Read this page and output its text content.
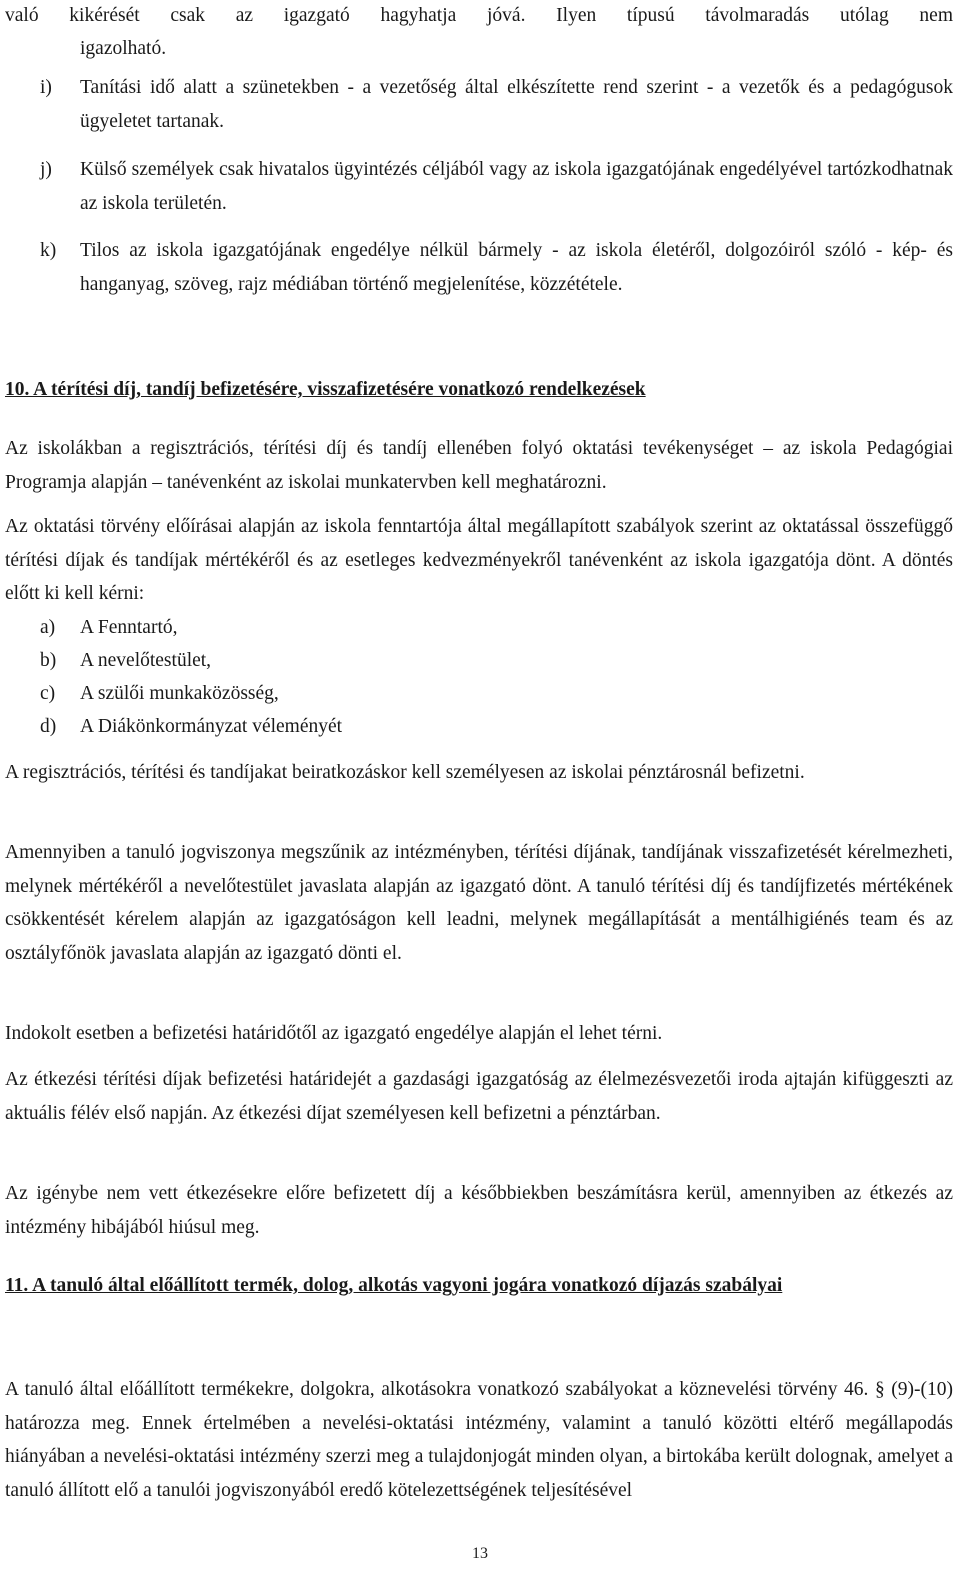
való kikérését csak az igazgató hagyhatja jóvá. Ilyen típusú távolmaradás utólag nem

igazolható.

i) Tanítási idő alatt a szünetekben - a vezetőség által elkészítette rend szerint - a vezetők és a pedagógusok ügyeletet tartanak.
j) Külső személyek csak hivatalos ügyintézés céljából vagy az iskola igazgatójának engedélyével tartózkodhatnak az iskola területén.
k) Tilos az iskola igazgatójának engedélye nélkül bármely - az iskola életéről, dolgozóiról szóló - kép- és hanganyag, szöveg, rajz médiában történő megjelenítése, közzététele.
10. A térítési díj, tandíj befizetésére, visszafizetésére vonatkozó rendelkezések

Az iskolákban a regisztrációs, térítési díj és tandíj ellenében folyó oktatási tevékenységet – az iskola Pedagógiai Programja alapján – tanévenként az iskolai munkatervben kell meghatározni.

Az oktatási törvény előírásai alapján az iskola fenntartója által megállapított szabályok szerint az oktatással összefüggő térítési díjak és tandíjak mértékéről és az esetleges kedvezményekről tanévenként az iskola igazgatója dönt. A döntés előtt ki kell kérni:

a) A Fenntartó,
b) A nevelőtestület,
c) A szülői munkaközösség,
d) A Diákönkormányzat véleményét

A regisztrációs, térítési és tandíjakat beiratkozáskor kell személyesen az iskolai pénztárosnál befizetni.

Amennyiben a tanuló jogviszonya megszűnik az intézményben, térítési díjának, tandíjának visszafizetését kérelmezheti, melynek mértékéről a nevelőtestület javaslata alapján az igazgató dönt. A tanuló térítési díj és tandíjfizetés mértékének csökkentését kérelem alapján az igazgatóságon kell leadni, melynek megállapítását a mentálhigiénés team és az osztályfőnök javaslata alapján az igazgató dönti el.

Indokolt esetben a befizetési határidőtől az igazgató engedélye alapján el lehet térni.

Az étkezési térítési díjak befizetési határidejét a gazdasági igazgatóság az élelmezésvezetői iroda ajtaján kifüggeszti az aktuális félév első napján. Az étkezési díjat személyesen kell befizetni a pénztárban.

Az igénybe nem vett étkezésekre előre befizetett díj a későbbiekben beszámításra kerül, amennyiben az étkezés az intézmény hibájából hiúsul meg.

11. A tanuló által előállított termék, dolog, alkotás vagyoni jogára vonatkozó díjazás szabályai

A tanuló által előállított termékekre, dolgokra, alkotásokra vonatkozó szabályokat a köznevelési törvény 46. § (9)-(10) határozza meg. Ennek értelmében a nevelési-oktatási intézmény, valamint a tanuló közötti eltérő megállapodás hiányában a nevelési-oktatási intézmény szerzi meg a tulajdonjogát minden olyan, a birtokába került dolognak, amelyet a tanuló állított elő a tanulói jogviszonyából eredő kötelezettségének teljesítésével

13
